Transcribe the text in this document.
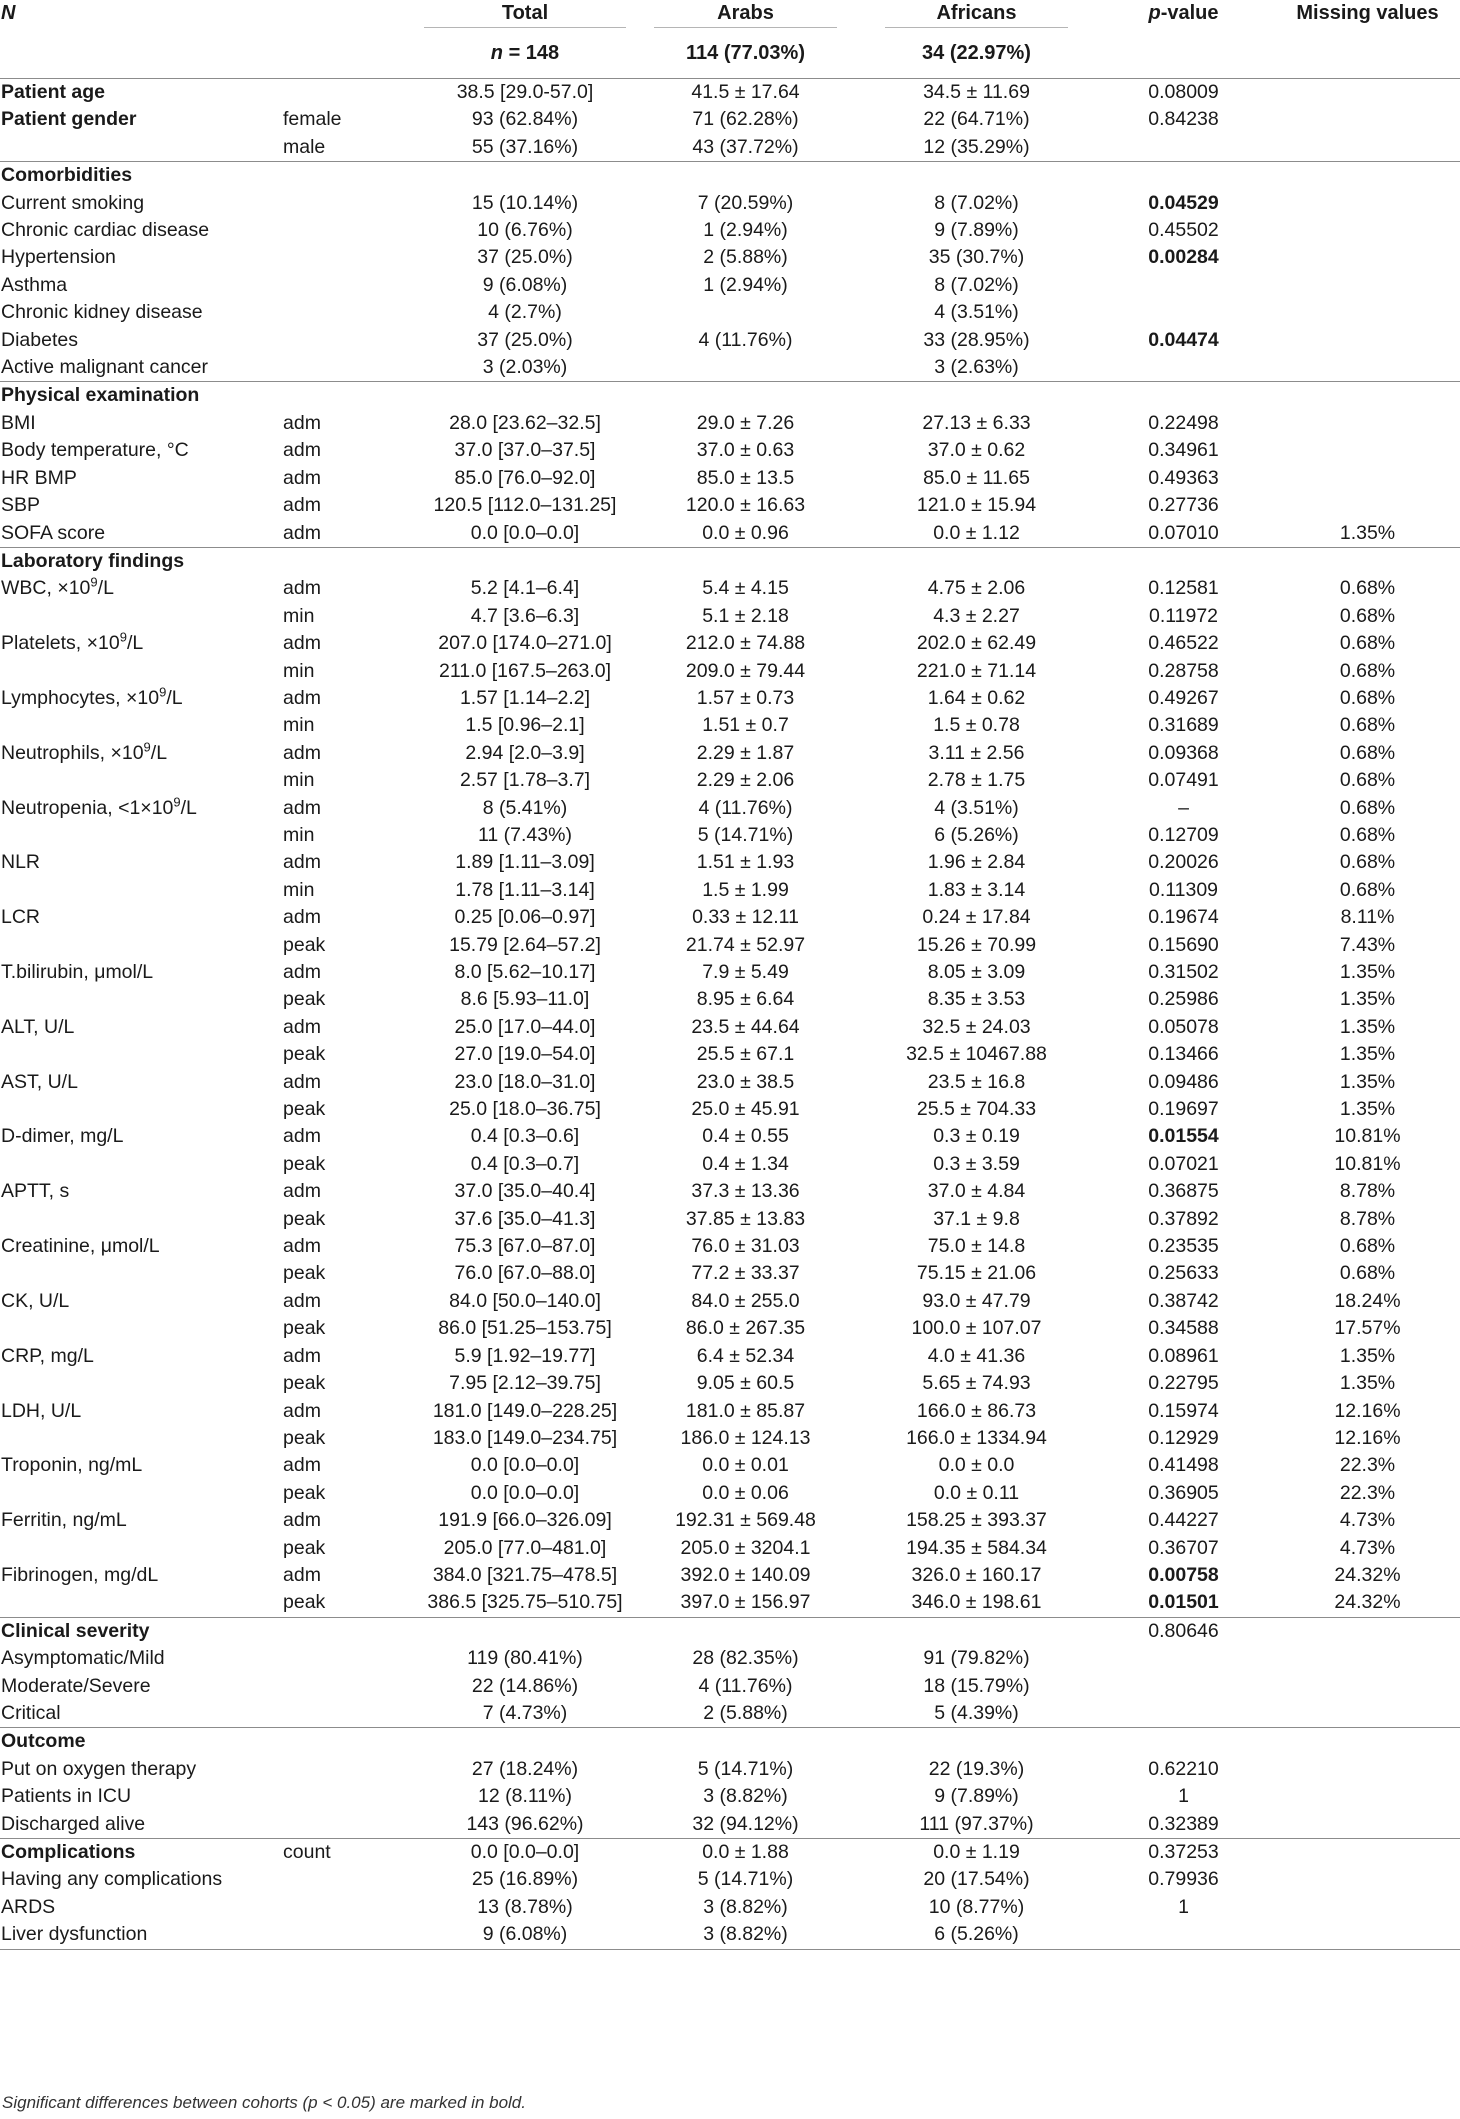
N		Total	Arabs	Africans	p-value	Missing values

		n = 148	114 (77.03%)	34 (22.97%)		

Patient age		38.5 [29.0-57.0]	41.5 ± 17.64	34.5 ± 11.69	0.08009	
Patient gender	female	93 (62.84%)	71 (62.28%)	22 (64.71%)	0.84238	
	male	55 (37.16%)	43 (37.72%)	12 (35.29%)		
Comorbidities						
Current smoking		15 (10.14%)	7 (20.59%)	8 (7.02%)	0.04529	
Chronic cardiac disease		10 (6.76%)	1 (2.94%)	9 (7.89%)	0.45502	
Hypertension		37 (25.0%)	2 (5.88%)	35 (30.7%)	0.00284	
Asthma		9 (6.08%)	1 (2.94%)	8 (7.02%)		
Chronic kidney disease		4 (2.7%)		4 (3.51%)		
Diabetes		37 (25.0%)	4 (11.76%)	33 (28.95%)	0.04474	
Active malignant cancer		3 (2.03%)		3 (2.63%)		
Physical examination						
BMI	adm	28.0 [23.62–32.5]	29.0 ± 7.26	27.13 ± 6.33	0.22498	
Body temperature, °C	adm	37.0 [37.0–37.5]	37.0 ± 0.63	37.0 ± 0.62	0.34961	
HR BMP	adm	85.0 [76.0–92.0]	85.0 ± 13.5	85.0 ± 11.65	0.49363	
SBP	adm	120.5 [112.0–131.25]	120.0 ± 16.63	121.0 ± 15.94	0.27736	
SOFA score	adm	0.0 [0.0–0.0]	0.0 ± 0.96	0.0 ± 1.12	0.07010	1.35%
Laboratory findings						
WBC, $\times 10^9/L$	adm	5.2 [4.1–6.4]	5.4 ± 4.15	4.75 ± 2.06	0.12581	0.68%
	min	4.7 [3.6–6.3]	5.1 ± 2.18	4.3 ± 2.27	0.11972	0.68%
Platelets, $\times 10^9/L$	adm	207.0 [174.0–271.0]	212.0 ± 74.88	202.0 ± 62.49	0.46522	0.68%
	min	211.0 [167.5–263.0]	209.0 ± 79.44	221.0 ± 71.14	0.28758	0.68%
Lymphocytes, $\times 10^9/L$	adm	1.57 [1.14–2.2]	1.57 ± 0.73	1.64 ± 0.62	0.49267	0.68%
	min	1.5 [0.96–2.1]	1.51 ± 0.7	1.5 ± 0.78	0.31689	0.68%
Neutrophils, $\times 10^9/L$	adm	2.94 [2.0–3.9]	2.29 ± 1.87	3.11 ± 2.56	0.09368	0.68%
	min	2.57 [1.78–3.7]	2.29 ± 2.06	2.78 ± 1.75	0.07491	0.68%
Neutropenia, $<1\times 10^9/L$	adm	8 (5.41%)	4 (11.76%)	4 (3.51%)	–	0.68%
	min	11 (7.43%)	5 (14.71%)	6 (5.26%)	0.12709	0.68%
NLR	adm	1.89 [1.11–3.09]	1.51 ± 1.93	1.96 ± 2.84	0.20026	0.68%
	min	1.78 [1.11–3.14]	1.5 ± 1.99	1.83 ± 3.14	0.11309	0.68%
LCR	adm	0.25 [0.06–0.97]	0.33 ± 12.11	0.24 ± 17.84	0.19674	8.11%
	peak	15.79 [2.64–57.2]	21.74 ± 52.97	15.26 ± 70.99	0.15690	7.43%
T.bilirubin, μmol/L	adm	8.0 [5.62–10.17]	7.9 ± 5.49	8.05 ± 3.09	0.31502	1.35%
	peak	8.6 [5.93–11.0]	8.95 ± 6.64	8.35 ± 3.53	0.25986	1.35%
ALT, U/L	adm	25.0 [17.0–44.0]	23.5 ± 44.64	32.5 ± 24.03	0.05078	1.35%
	peak	27.0 [19.0–54.0]	25.5 ± 67.1	32.5 ± 10467.88	0.13466	1.35%
AST, U/L	adm	23.0 [18.0–31.0]	23.0 ± 38.5	23.5 ± 16.8	0.09486	1.35%
	peak	25.0 [18.0–36.75]	25.0 ± 45.91	25.5 ± 704.33	0.19697	1.35%
D-dimer, mg/L	adm	0.4 [0.3–0.6]	0.4 ± 0.55	0.3 ± 0.19	0.01554	10.81%
	peak	0.4 [0.3–0.7]	0.4 ± 1.34	0.3 ± 3.59	0.07021	10.81%
APTT, s	adm	37.0 [35.0–40.4]	37.3 ± 13.36	37.0 ± 4.84	0.36875	8.78%
	peak	37.6 [35.0–41.3]	37.85 ± 13.83	37.1 ± 9.8	0.37892	8.78%
Creatinine, μmol/L	adm	75.3 [67.0–87.0]	76.0 ± 31.03	75.0 ± 14.8	0.23535	0.68%
	peak	76.0 [67.0–88.0]	77.2 ± 33.37	75.15 ± 21.06	0.25633	0.68%
CK, U/L	adm	84.0 [50.0–140.0]	84.0 ± 255.0	93.0 ± 47.79	0.38742	18.24%
	peak	86.0 [51.25–153.75]	86.0 ± 267.35	100.0 ± 107.07	0.34588	17.57%
CRP, mg/L	adm	5.9 [1.92–19.77]	6.4 ± 52.34	4.0 ± 41.36	0.08961	1.35%
	peak	7.95 [2.12–39.75]	9.05 ± 60.5	5.65 ± 74.93	0.22795	1.35%
LDH, U/L	adm	181.0 [149.0–228.25]	181.0 ± 85.87	166.0 ± 86.73	0.15974	12.16%
	peak	183.0 [149.0–234.75]	186.0 ± 124.13	166.0 ± 1334.94	0.12929	12.16%
Troponin, ng/mL	adm	0.0 [0.0–0.0]	0.0 ± 0.01	0.0 ± 0.0	0.41498	22.3%
	peak	0.0 [0.0–0.0]	0.0 ± 0.06	0.0 ± 0.11	0.36905	22.3%
Ferritin, ng/mL	adm	191.9 [66.0–326.09]	192.31 ± 569.48	158.25 ± 393.37	0.44227	4.73%
	peak	205.0 [77.0–481.0]	205.0 ± 3204.1	194.35 ± 584.34	0.36707	4.73%
Fibrinogen, mg/dL	adm	384.0 [321.75–478.5]	392.0 ± 140.09	326.0 ± 160.17	0.00758	24.32%
	peak	386.5 [325.75–510.75]	397.0 ± 156.97	346.0 ± 198.61	0.01501	24.32%
Clinical severity					0.80646	
Asymptomatic/Mild		119 (80.41%)	28 (82.35%)	91 (79.82%)		
Moderate/Severe		22 (14.86%)	4 (11.76%)	18 (15.79%)		
Critical		7 (4.73%)	2 (5.88%)	5 (4.39%)		
Outcome						
Put on oxygen therapy		27 (18.24%)	5 (14.71%)	22 (19.3%)	0.62210	
Patients in ICU		12 (8.11%)	3 (8.82%)	9 (7.89%)	1	
Discharged alive		143 (96.62%)	32 (94.12%)	111 (97.37%)	0.32389	
Complications	count	0.0 [0.0–0.0]	0.0 ± 1.88	0.0 ± 1.19	0.37253	
Having any complications		25 (16.89%)	5 (14.71%)	20 (17.54%)	0.79936	
ARDS		13 (8.78%)	3 (8.82%)	10 (8.77%)	1	
Liver dysfunction		9 (6.08%)	3 (8.82%)	6 (5.26%)		

Significant differences between cohorts (p < 0.05) are marked in bold.
